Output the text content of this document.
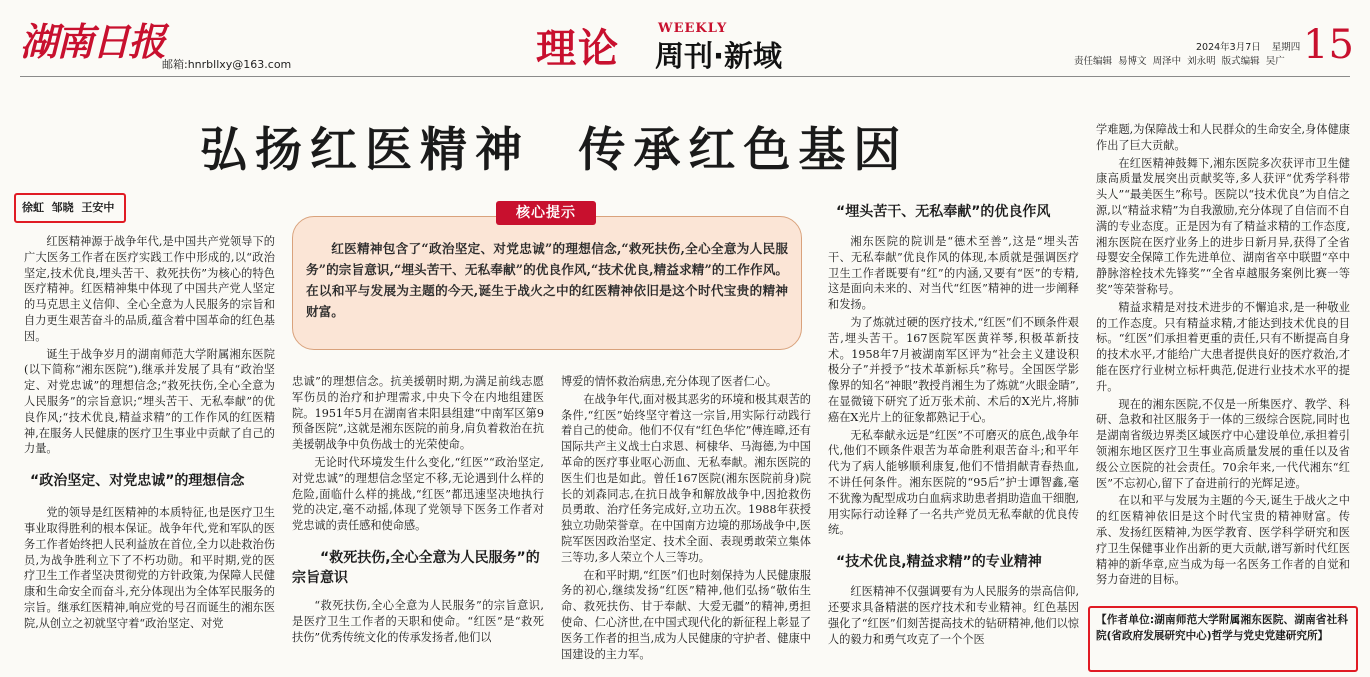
湖南日报
邮箱:hnrbllxy@163.com	理论	WEEKLY
周刊·新域	2024年3月7日 星期四
责任编辑  易博文  周泽中  刘永明  版式编辑  吴广 15
弘扬红医精神 传承红色基因
徐虹  邹晓  王安中	核心提示

红医精神包含了“政治坚定、对党忠诚”的理想信念,“救死扶伤,全心全意为人民服务”的宗旨意识,“埋头苦干、无私奉献”的优良作风,“技术优良,精益求精”的工作作风。在以和平与发展为主题的今天,诞生于战火之中的红医精神依旧是这个时代宝贵的精神财富。

红医精神源于战争年代,是中国共产党领导下的广大医务工作者在医疗实践工作中形成的,以“政治坚定,技术优良,埋头苦干、救死扶伤”为核心的特色医疗精神。红医精神集中体现了中国共产党人坚定的马克思主义信仰、全心全意为人民服务的宗旨和自力更生艰苦奋斗的品质,蕴含着中国革命的红色基因。

诞生于战争岁月的湖南师范大学附属湘东医院(以下简称“湘东医院”),继承并发展了具有“政治坚定、对党忠诚”的理想信念;“救死扶伤,全心全意为人民服务”的宗旨意识;“埋头苦干、无私奉献”的优良作风;“技术优良,精益求精”的工作作风的红医精神,在服务人民健康的医疗卫生事业中贡献了自己的力量。

“政治坚定、对党忠诚”的理想信念

党的领导是红医精神的本质特征,也是医疗卫生事业取得胜利的根本保证。战争年代,党和军队的医务工作者始终把人民利益放在首位,全力以赴救治伤员,为战争胜利立下了不朽功勋。和平时期,党的医疗卫生工作者坚决贯彻党的方针政策,为保障人民健康和生命安全而奋斗,充分体现出为全体军民服务的宗旨。继承红医精神,响应党的号召而诞生的湘东医院,从创立之初就坚守着“政治坚定、对党

忠诚”的理想信念。抗美援朝时期,为满足前线志愿军伤员的治疗和护理需求,中央下令在内地组建医院。1951年5月在湖南省耒阳县组建“中南军区第9预备医院”,这就是湘东医院的前身,肩负着救治在抗美援朝战争中负伤战士的光荣使命。

无论时代环境发生什么变化,“红医”“政治坚定,对党忠诚”的理想信念坚定不移,无论遇到什么样的危险,面临什么样的挑战,“红医”都迅速坚决地执行党的决定,毫不动摇,体现了党领导下医务工作者对党忠诚的责任感和使命感。

“救死扶伤,全心全意为人民服务”的宗旨意识

“救死扶伤,全心全意为人民服务”的宗旨意识,是医疗卫生工作者的天职和使命。“红医”是“救死扶伤”优秀传统文化的传承发扬者,他们以

博爱的情怀救治病患,充分体现了医者仁心。

在战争年代,面对极其恶劣的环境和极其艰苦的条件,“红医”始终坚守着这一宗旨,用实际行动践行着自己的使命。他们不仅有“红色华佗”傅连暲,还有国际共产主义战士白求恩、柯棣华、马海德,为中国革命的医疗事业呕心沥血、无私奉献。湘东医院的医生们也是如此。曾任167医院(湘东医院前身)院长的刘森同志,在抗日战争和解放战争中,因抢救伤员勇敢、治疗任务完成好,立功五次。1988年获授独立功勋荣誉章。在中国南方边境的那场战争中,医院军医因政治坚定、技术全面、表现勇敢荣立集体三等功,多人荣立个人三等功。

在和平时期,“红医”们也时刻保持为人民健康服务的初心,继续发扬“红医”精神,他们弘扬“敬佑生命、救死扶伤、甘于奉献、大爱无疆”的精神,勇担使命、仁心济世,在中国式现代化的新征程上彰显了医务工作者的担当,成为人民健康的守护者、健康中国建设的主力军。

“埋头苦干、无私奉献”的优良作风

湘东医院的院训是“德术至善”,这是“埋头苦干、无私奉献”优良作风的体现,本质就是强调医疗卫生工作者既要有“红”的内涵,又要有“医”的专精,这是面向未来的、对当代“红医”精神的进一步阐释和发扬。

为了炼就过硬的医疗技术,“红医”们不顾条件艰苦,埋头苦干。167医院军医黄祥琴,积极革新技术。1958年7月被湖南军区评为“社会主义建设积极分子”并授予“技术革新标兵”称号。全国医学影像界的知名“神眼”教授肖湘生为了炼就“火眼金睛”,在显微镜下研究了近万张术前、术后的X光片,将肺癌在X光片上的征象都熟记于心。

无私奉献永远是“红医”不可磨灭的底色,战争年代,他们不顾条件艰苦为革命胜利艰苦奋斗;和平年代为了病人能够顺利康复,他们不惜捐献青春热血,不讲任何条件。湘东医院的“95后”护士谭智鑫,毫不犹豫为配型成功白血病求助患者捐助造血干细胞,用实际行动诠释了一名共产党员无私奉献的优良传统。

“技术优良,精益求精”的专业精神

红医精神不仅强调要有为人民服务的崇高信仰,还要求具备精湛的医疗技术和专业精神。红色基因强化了“红医”们刻苦提高技术的钻研精神,他们以惊人的毅力和勇气攻克了一个个医

学难题,为保障战士和人民群众的生命安全,身体健康作出了巨大贡献。

在红医精神鼓舞下,湘东医院多次获评市卫生健康高质量发展突出贡献奖等,多人获评“优秀学科带头人”“最美医生”称号。医院以“技术优良”为自信之源,以“精益求精”为自我激励,充分体现了自信而不自满的专业态度。正是因为有了精益求精的工作态度,湘东医院在医疗业务上的进步日新月异,获得了全省母婴安全保障工作先进单位、湖南省卒中联盟“卒中静脉溶栓技术先锋奖”“全省卓越服务案例比赛一等奖”等荣誉称号。

精益求精是对技术进步的不懈追求,是一种敬业的工作态度。只有精益求精,才能达到技术优良的目标。“红医”们承担着更重的责任,只有不断提高自身的技术水平,才能给广大患者提供良好的医疗救治,才能在医疗行业树立标杆典范,促进行业技术水平的提升。

现在的湘东医院,不仅是一所集医疗、教学、科研、急救和社区服务于一体的三级综合医院,同时也是湖南省级边界类区域医疗中心建设单位,承担着引领湘东地区医疗卫生事业高质量发展的重任以及省级公立医院的社会责任。70余年来,一代代湘东“红医”不忘初心,留下了奋进前行的光辉足迹。

在以和平与发展为主题的今天,诞生于战火之中的红医精神依旧是这个时代宝贵的精神财富。传承、发扬红医精神,为医学教育、医学科学研究和医疗卫生保健事业作出新的更大贡献,谱写新时代红医精神的新华章,应当成为每一名医务工作者的自觉和努力奋进的目标。

【作者单位:湖南师范大学附属湘东医院、湖南省社科院(省政府发展研究中心)哲学与党史党建研究所】
